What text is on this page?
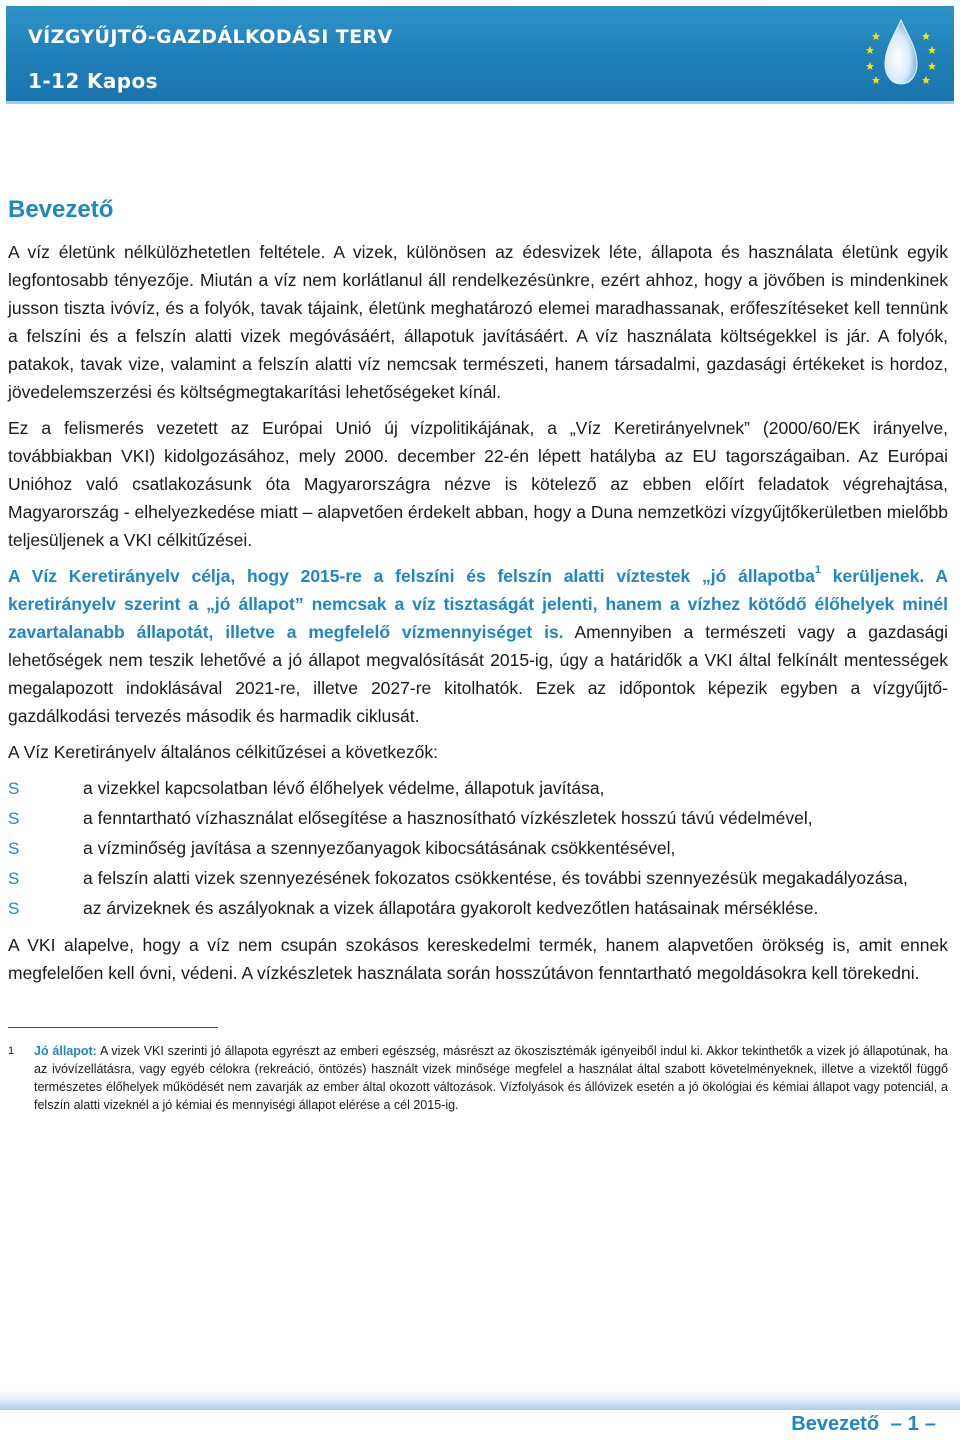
VÍZGYŰJTŐ-GAZDÁLKODÁSI TERV
1-12 Kapos
Bevezető

A víz életünk nélkülözhetetlen feltétele. A vizek, különösen az édesvizek léte, állapota és használata életünk egyik legfontosabb tényezője. Miután a víz nem korlátlanul áll rendelkezésünkre, ezért ahhoz, hogy a jövőben is mindenkinek jusson tiszta ivóvíz, és a folyók, tavak tájaink, életünk meghatározó elemei maradhassanak, erőfeszítéseket kell tennünk a felszíni és a felszín alatti vizek megóvásáért, állapotuk javításáért. A víz használata költségekkel is jár. A folyók, patakok, tavak vize, valamint a felszín alatti víz nemcsak természeti, hanem társadalmi, gazdasági értékeket is hordoz, jövedelemszerzési és költségmegtakarítási lehetőségeket kínál.

Ez a felismerés vezetett az Európai Unió új vízpolitikájának, a „Víz Keretirányelvnek” (2000/60/EK irányelve, továbbiakban VKI) kidolgozásához, mely 2000. december 22-én lépett hatályba az EU tagországaiban. Az Európai Unióhoz való csatlakozásunk óta Magyarországra nézve is kötelező az ebben előírt feladatok végrehajtása, Magyarország - elhelyezkedése miatt – alapvetően érdekelt abban, hogy a Duna nemzetközi vízgyűjtőkerületben mielőbb teljesüljenek a VKI célkitűzései.

A Víz Keretirányelv célja, hogy 2015-re a felszíni és felszín alatti víztestek „jó állapotba$^1$ kerüljenek. A keretirányelv szerint a „jó állapot” nemcsak a víz tisztaságát jelenti, hanem a vízhez kötődő élőhelyek minél zavartalanabb állapotát, illetve a megfelelő vízmennyiséget is. Amennyiben a természeti vagy a gazdasági lehetőségek nem teszik lehetővé a jó állapot megvalósítását 2015-ig, úgy a határidők a VKI által felkínált mentességek megalapozott indoklásával 2021-re, illetve 2027-re kitolhatók. Ezek az időpontok képezik egyben a vízgyűjtő-gazdálkodási tervezés második és harmadik ciklusát.

A Víz Keretirányelv általános célkitűzései a következők:

S	a vizekkel kapcsolatban lévő élőhelyek védelme, állapotuk javítása,
S	a fenntartható vízhasználat elősegítése a hasznosítható vízkészletek hosszú távú védelmével,
S	a vízminőség javítása a szennyezőanyagok kibocsátásának csökkentésével,
S	a felszín alatti vizek szennyezésének fokozatos csökkentése, és további szennyezésük megakadályozása,
S	az árvizeknek és aszályoknak a vizek állapotára gyakorolt kedvezőtlen hatásainak mérséklése.

A VKI alapelve, hogy a víz nem csupán szokásos kereskedelmi termék, hanem alapvetően örökség is, amit ennek megfelelően kell óvni, védeni. A vízkészletek használata során hosszútávon fenntartható megoldásokra kell törekedni.

1	Jó állapot: A vizek VKI szerinti jó állapota egyrészt az emberi egészség, másrészt az ökoszisztémák igényeiből indul ki. Akkor tekinthetők a vizek jó állapotúnak, ha az ivóvízellátásra, vagy egyéb célokra (rekreáció, öntözés) használt vizek minősége megfelel a használat által szabott követelményeknek, illetve a vizektől függő természetes élőhelyek működését nem zavarják az ember által okozott változások. Vízfolyások és állóvizek esetén a jó ökológiai és kémiai állapot vagy potenciál, a felszín alatti vizeknél a jó kémiai és mennyiségi állapot elérése a cél 2015-ig.
Bevezető – 1 –
